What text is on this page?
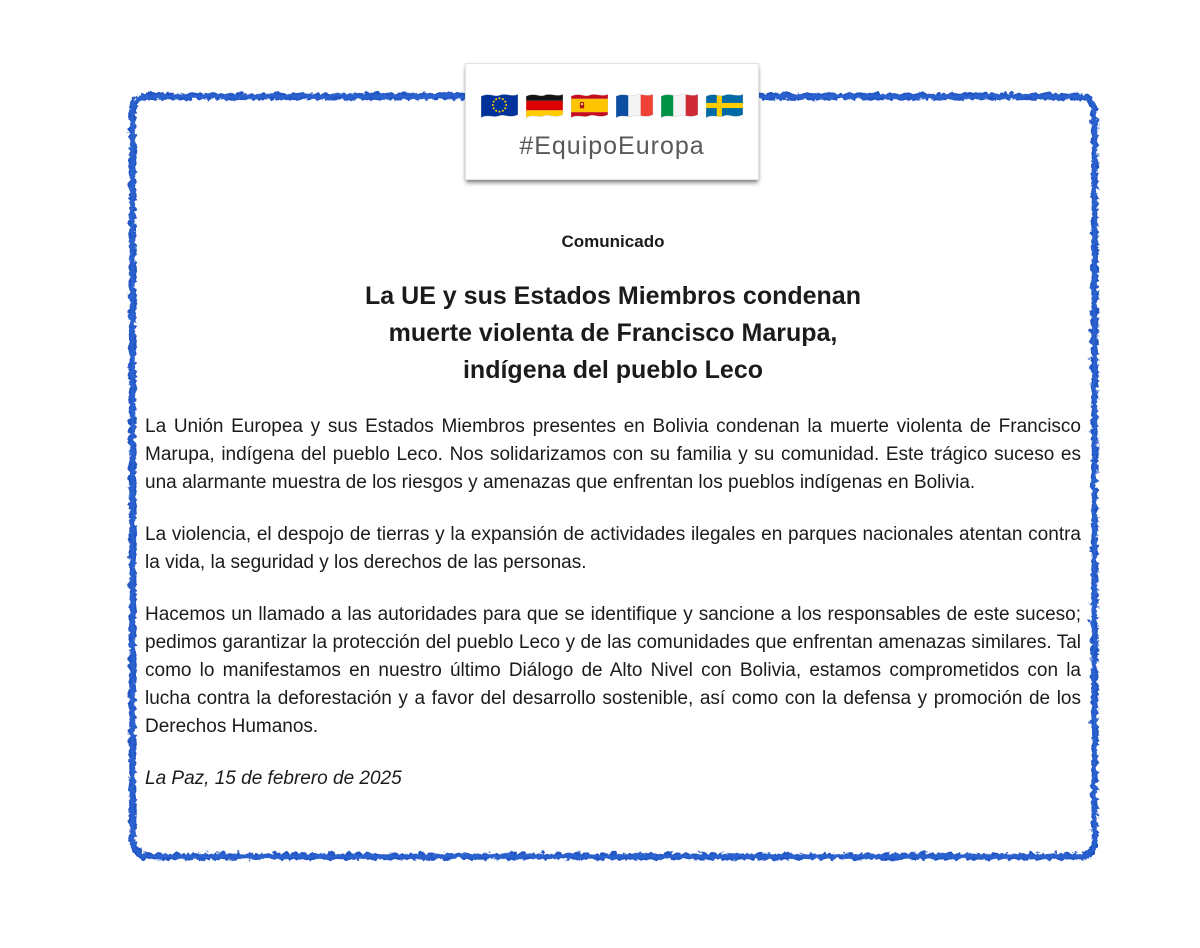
#EquipoEuropa
Comunicado
La UE y sus Estados Miembros condenan
muerte violenta de Francisco Marupa,
indígena del pueblo Leco

La Unión Europea y sus Estados Miembros presentes en Bolivia condenan la muerte violenta de Francisco Marupa, indígena del pueblo Leco. Nos solidarizamos con su familia y su comunidad. Este trágico suceso es una alarmante muestra de los riesgos y amenazas que enfrentan los pueblos indígenas en Bolivia.

La violencia, el despojo de tierras y la expansión de actividades ilegales en parques nacionales atentan contra la vida, la seguridad y los derechos de las personas.

Hacemos un llamado a las autoridades para que se identifique y sancione a los responsables de este suceso; pedimos garantizar la protección del pueblo Leco y de las comunidades que enfrentan amenazas similares. Tal como lo manifestamos en nuestro último Diálogo de Alto Nivel con Bolivia, estamos comprometidos con la lucha contra la deforestación y a favor del desarrollo sostenible, así como con la defensa y promoción de los Derechos Humanos.

La Paz, 15 de febrero de 2025
